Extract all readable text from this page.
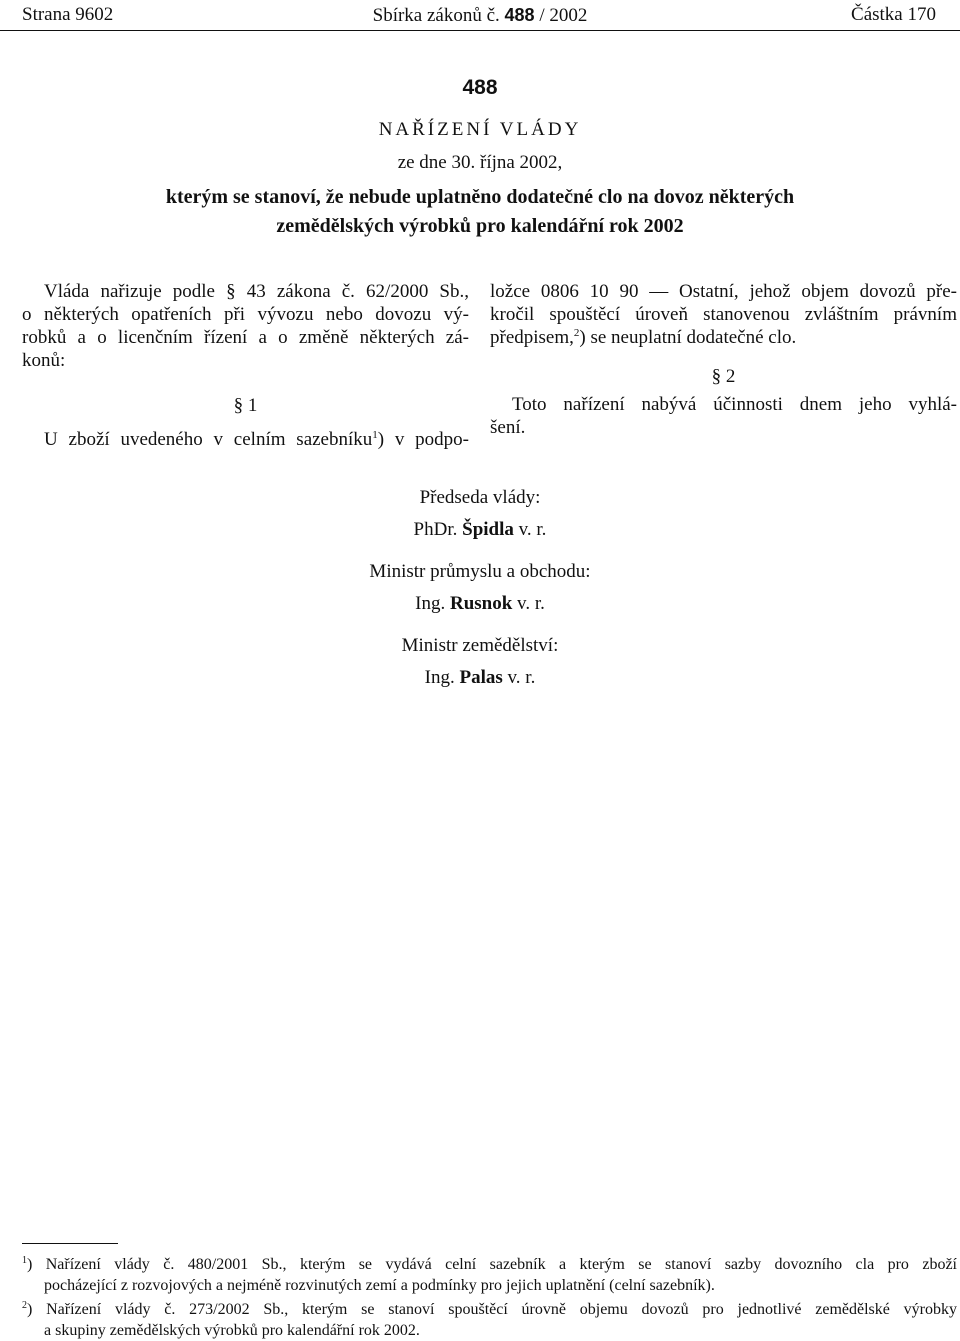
Strana 9602	Sbírka zákonů č. 488 / 2002	Částka 170
488
NAŘÍZENÍ VLÁDY
ze dne 30. října 2002,
kterým se stanoví, že nebude uplatněno dodatečné clo na dovoz některých
zemědělských výrobků pro kalendářní rok 2002
Vláda nařizuje podle § 43 zákona č. 62/2000 Sb.,
o některých opatřeních při vývozu nebo dovozu vý-
robků a o licenčním řízení a o změně některých zá-
konů:
§ 1
U zboží uvedeného v celním sazebníku$^1$) v podpo-
ložce 0806 10 90 — Ostatní, jehož objem dovozů pře-
kročil spouštěcí úroveň stanovenou zvláštním právním
předpisem,$^2$) se neuplatní dodatečné clo.
§ 2
Toto nařízení nabývá účinnosti dnem jeho vyhlá-
šení.
Předseda vlády:
PhDr. Špidla v. r.
Ministr průmyslu a obchodu:
Ing. Rusnok v. r.
Ministr zemědělství:
Ing. Palas v. r.
$^1$) Nařízení vlády č. 480/2001 Sb., kterým se vydává celní sazebník a kterým se stanoví sazby dovozního cla pro zboží
pocházející z rozvojových a nejméně rozvinutých zemí a podmínky pro jejich uplatnění (celní sazebník).
$^2$) Nařízení vlády č. 273/2002 Sb., kterým se stanoví spouštěcí úrovně objemu dovozů pro jednotlivé zemědělské výrobky
a skupiny zemědělských výrobků pro kalendářní rok 2002.
